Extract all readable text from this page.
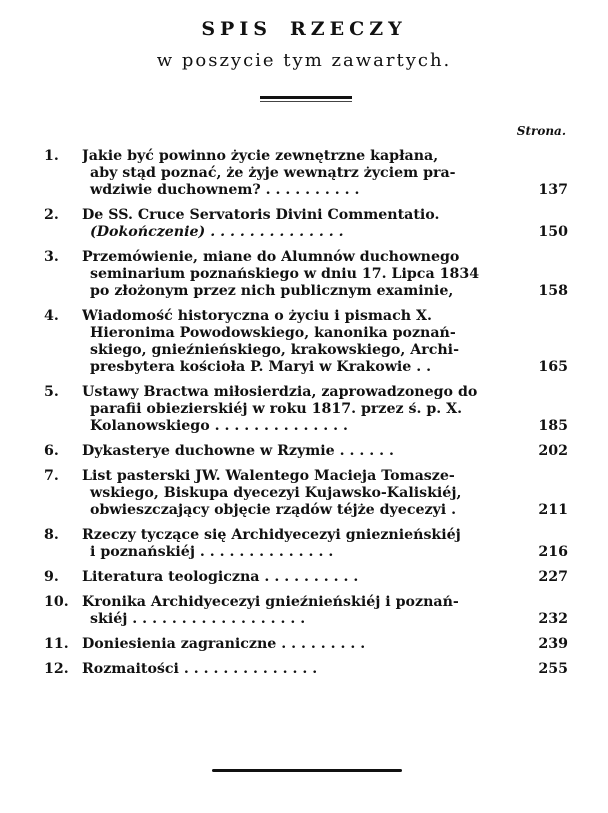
SPIS RZECZY
w poszycie tym zawartych.
Strona.
1.	Jakie być powinno życie zewnętrzne kapłana,
aby stąd poznać, że żyje wewnątrz życiem pra-
wdziwie duchownem? . . . . . . . . . .	137
2.	De SS. Cruce Servatoris Divini Commentatio.
(Dokończenie) . . . . . . . . . . . . . .	150
3.	Przemówienie, miane do Alumnów duchownego
seminarium poznańskiego w dniu 17. Lipca 1834
po złożonym przez nich publicznym examinie,	158
4.	Wiadomość historyczna o życiu i pismach X.
Hieronima Powodowskiego, kanonika poznań-
skiego, gnieźnieńskiego, krakowskiego, Archi-
presbytera kościoła P. Maryi w Krakowie . .	165
5.	Ustawy Bractwa miłosierdzia, zaprowadzonego do
parafii obiezierskiéj w roku 1817. przez ś. p. X.
Kolanowskiego . . . . . . . . . . . . . .	185
6.	Dykasterye duchowne w Rzymie . . . . . .	202
7.	List pasterski JW. Walentego Macieja Tomasze-
wskiego, Biskupa dyecezyi Kujawsko-Kaliskiéj,
obwieszczający objęcie rządów téjże dyecezyi .	211
8.	Rzeczy tyczące się Archidyecezyi gnieznieńskiéj
i poznańskiéj . . . . . . . . . . . . . .	216
9.	Literatura teologiczna . . . . . . . . . .	227
10. Kronika Archidyecezyi gnieźnieńskiéj i poznań-
skiéj . . . . . . . . . . . . . . . . . .	232
11. Doniesienia zagraniczne . . . . . . . . .	239
12. Rozmaitości . . . . . . . . . . . . . .	255
